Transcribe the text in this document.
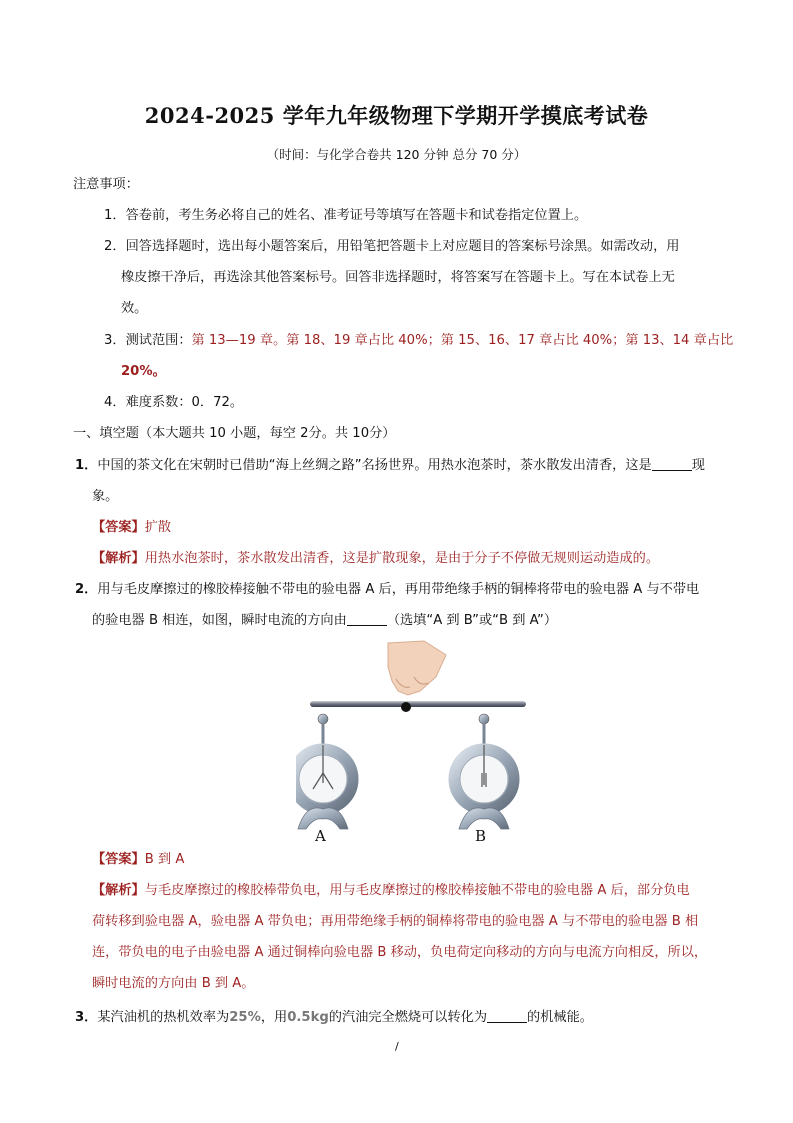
2024-2025 学年九年级物理下学期开学摸底考试卷
（时间：与化学合卷共 120 分钟 总分 70 分）
注意事项：
1．答卷前，考生务必将自己的姓名、准考证号等填写在答题卡和试卷指定位置上。
2．回答选择题时，选出每小题答案后，用铅笔把答题卡上对应题目的答案标号涂黑。如需改动，用
橡皮擦干净后，再选涂其他答案标号。回答非选择题时，将答案写在答题卡上。写在本试卷上无
效。
3．测试范围：第 13—19 章。第 18、19 章占比 40%；第 15、16、17 章占比 40%；第 13、14 章占比
20%。
4．难度系数：0．72。
一、填空题（本大题共 10 小题，每空 2分。共 10分）
1．中国的茶文化在宋朝时已借助“海上丝绸之路”名扬世界。用热水泡茶时，茶水散发出清香，这是	现
象。
【答案】扩散
【解析】用热水泡茶时，茶水散发出清香，这是扩散现象，是由于分子不停做无规则运动造成的。
2．用与毛皮摩擦过的橡胶棒接触不带电的验电器 A 后，再用带绝缘手柄的铜棒将带电的验电器 A 与不带电
的验电器 B 相连，如图，瞬时电流的方向由	（选填“A 到 B”或“B 到 A”）
A	B
【答案】B 到 A
【解析】与毛皮摩擦过的橡胶棒带负电，用与毛皮摩擦过的橡胶棒接触不带电的验电器 A 后，部分负电
荷转移到验电器 A，验电器 A 带负电；再用带绝缘手柄的铜棒将带电的验电器 A 与不带电的验电器 B 相
连，带负电的电子由验电器 A 通过铜棒向验电器 B 移动，负电荷定向移动的方向与电流方向相反，所以，
瞬时电流的方向由 B 到 A。
3．某汽油机的热机效率为25%，用0.5kg的汽油完全燃烧可以转化为	的机械能。
/
